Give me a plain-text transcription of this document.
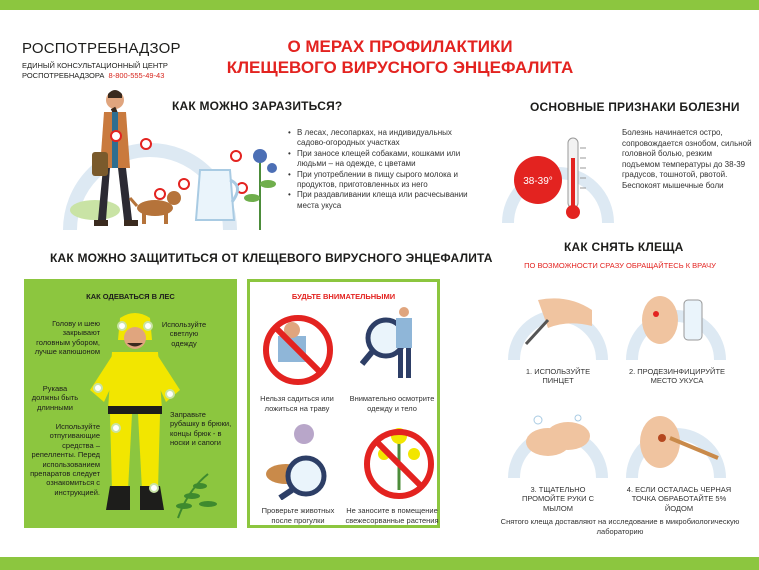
РОСПОТРЕБНАДЗОР
ЕДИНЫЙ КОНСУЛЬТАЦИОННЫЙ ЦЕНТР
РОСПОТРЕБНАДЗОРА 8-800-555-49-43
О МЕРАХ ПРОФИЛАКТИКИ
КЛЕЩЕВОГО ВИРУСНОГО ЭНЦЕФАЛИТА
КАК МОЖНО ЗАРАЗИТЬСЯ?
• В лесах, лесопарках, на индивидуальных садово-огородных участках
• При заносе клещей собаками, кошками или людьми – на одежде, с цветами
• При употреблении в пищу сырого молока и продуктов, приготовленных из него
• При раздавливании клеща или расчесывании места укуса
ОСНОВНЫЕ ПРИЗНАКИ БОЛЕЗНИ
38-39°
Болезнь начинается остро, сопровождается ознобом, сильной головной болью, резким подъемом температуры до 38-39 градусов, тошнотой, рвотой. Беспокоят мышечные боли
КАК МОЖНО ЗАЩИТИТЬСЯ ОТ КЛЕЩЕВОГО ВИРУСНОГО ЭНЦЕФАЛИТА
КАК ОДЕВАТЬСЯ В ЛЕС
Голову и шею закрывают головным убором, лучше капюшоном
Используйте светлую одежду
Рукава должны быть длинными
Заправьте рубашку в брюки, концы брюк - в носки и сапоги
Используйте отпугивающие средства – репелленты. Перед использованием препаратов следует ознакомиться с инструкцией.
БУДЬТЕ ВНИМАТЕЛЬНЫМИ
Нельзя садиться или ложиться на траву
Внимательно осмотрите одежду и тело
Проверьте животных после прогулки
Не заносите в помещение свежесорванные растения
КАК СНЯТЬ КЛЕЩА
ПО ВОЗМОЖНОСТИ СРАЗУ ОБРАЩАЙТЕСЬ К ВРАЧУ
1. ИСПОЛЬЗУЙТЕ ПИНЦЕТ
2. ПРОДЕЗИНФИЦИРУЙТЕ МЕСТО УКУСА
3. ТЩАТЕЛЬНО ПРОМОЙТЕ РУКИ С МЫЛОМ
4. ЕСЛИ ОСТАЛАСЬ ЧЕРНАЯ ТОЧКА ОБРАБОТАЙТЕ 5% ЙОДОМ
Снятого клеща доставляют на исследование в микробиологическую лабораторию
